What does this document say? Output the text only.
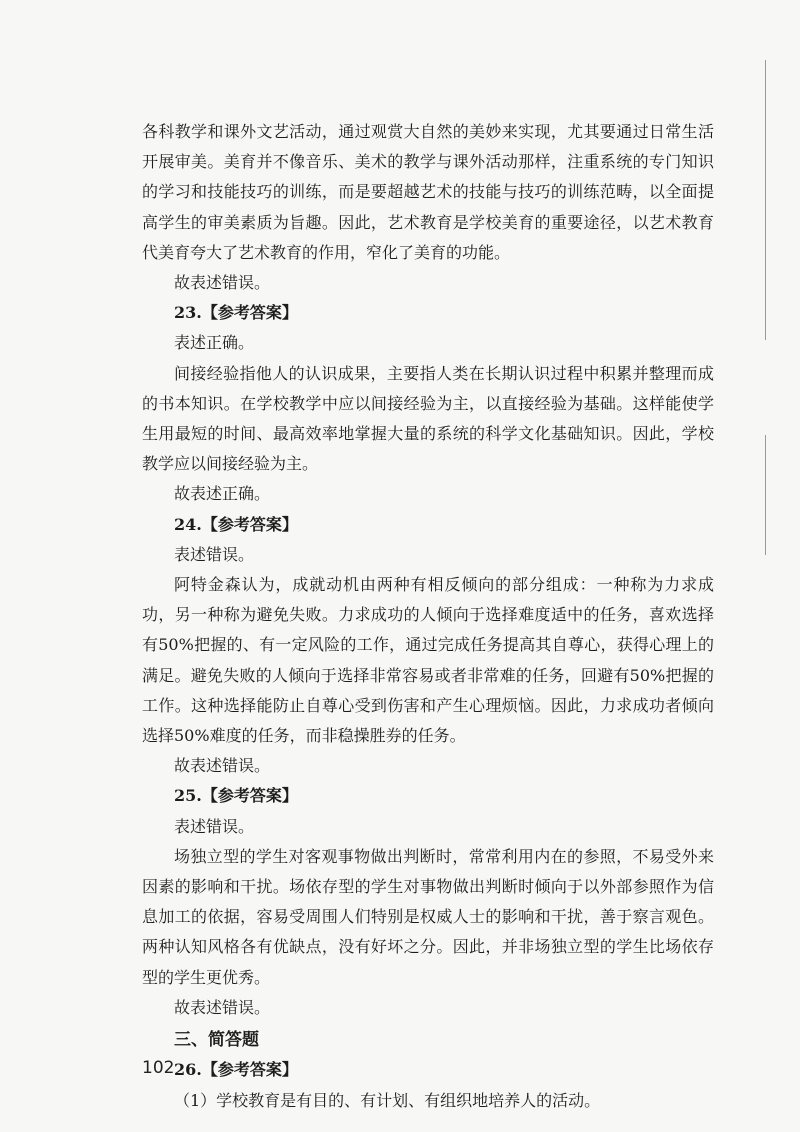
各科教学和课外文艺活动，通过观赏大自然的美妙来实现，尤其要通过日常生活开展审美。美育并不像音乐、美术的教学与课外活动那样，注重系统的专门知识的学习和技能技巧的训练，而是要超越艺术的技能与技巧的训练范畴，以全面提高学生的审美素质为旨趣。因此，艺术教育是学校美育的重要途径，以艺术教育代美育夸大了艺术教育的作用，窄化了美育的功能。

故表述错误。

23.【参考答案】

表述正确。

间接经验指他人的认识成果，主要指人类在长期认识过程中积累并整理而成的书本知识。在学校教学中应以间接经验为主，以直接经验为基础。这样能使学生用最短的时间、最高效率地掌握大量的系统的科学文化基础知识。因此，学校教学应以间接经验为主。

故表述正确。

24.【参考答案】

表述错误。

阿特金森认为，成就动机由两种有相反倾向的部分组成：一种称为力求成功，另一种称为避免失败。力求成功的人倾向于选择难度适中的任务，喜欢选择有50%把握的、有一定风险的工作，通过完成任务提高其自尊心，获得心理上的满足。避免失败的人倾向于选择非常容易或者非常难的任务，回避有50%把握的工作。这种选择能防止自尊心受到伤害和产生心理烦恼。因此，力求成功者倾向选择50%难度的任务，而非稳操胜券的任务。

故表述错误。

25.【参考答案】

表述错误。

场独立型的学生对客观事物做出判断时，常常利用内在的参照，不易受外来因素的影响和干扰。场依存型的学生对事物做出判断时倾向于以外部参照作为信息加工的依据，容易受周围人们特别是权威人士的影响和干扰，善于察言观色。两种认知风格各有优缺点，没有好坏之分。因此，并非场独立型的学生比场依存型的学生更优秀。

故表述错误。

三、简答题

26.【参考答案】

（1）学校教育是有目的、有计划、有组织地培养人的活动。

102
